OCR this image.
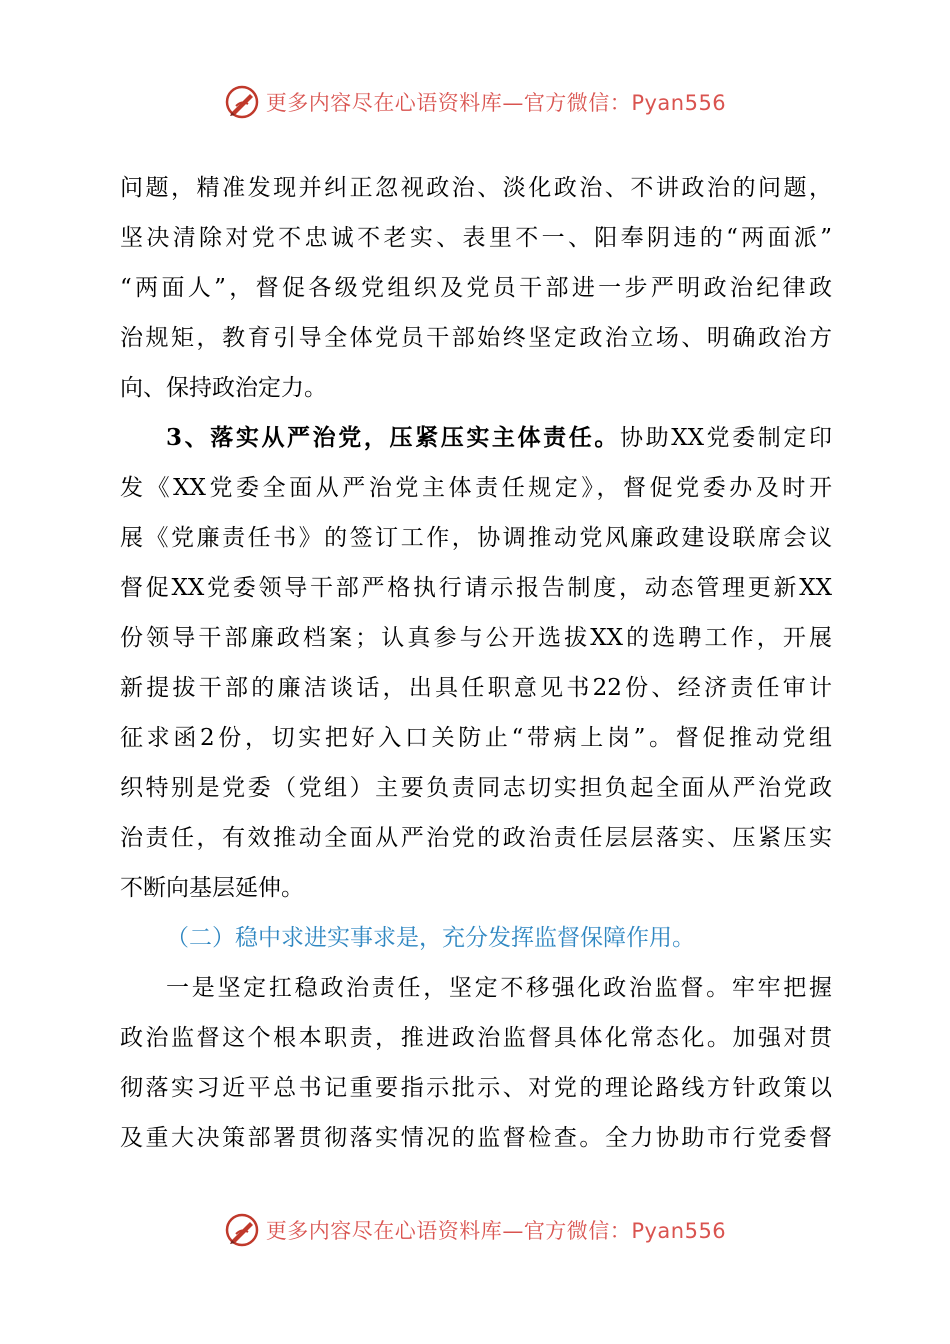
更多内容尽在心语资料库—官方微信：Pyan556
问题，精准发现并纠正忽视政治、淡化政治、不讲政治的问题，
坚决清除对党不忠诚不老实、表里不一、阳奉阴违的“两面派”
“两面人”，督促各级党组织及党员干部进一步严明政治纪律政
治规矩，教育引导全体党员干部始终坚定政治立场、明确政治方
向、保持政治定力。
3、落实从严治党，压紧压实主体责任。协助XX党委制定印
发《XX党委全面从严治党主体责任规定》，督促党委办及时开
展《党廉责任书》的签订工作，协调推动党风廉政建设联席会议
督促XX党委领导干部严格执行请示报告制度，动态管理更新XX
份领导干部廉政档案；认真参与公开选拔XX的选聘工作，开展
新提拔干部的廉洁谈话，出具任职意见书22份、经济责任审计
征求函2份，切实把好入口关防止“带病上岗”。督促推动党组
织特别是党委（党组）主要负责同志切实担负起全面从严治党政
治责任，有效推动全面从严治党的政治责任层层落实、压紧压实
不断向基层延伸。
（二）稳中求进实事求是，充分发挥监督保障作用。
一是坚定扛稳政治责任，坚定不移强化政治监督。牢牢把握
政治监督这个根本职责，推进政治监督具体化常态化。加强对贯
彻落实习近平总书记重要指示批示、对党的理论路线方针政策以
及重大决策部署贯彻落实情况的监督检查。全力协助市行党委督
更多内容尽在心语资料库—官方微信：Pyan556
